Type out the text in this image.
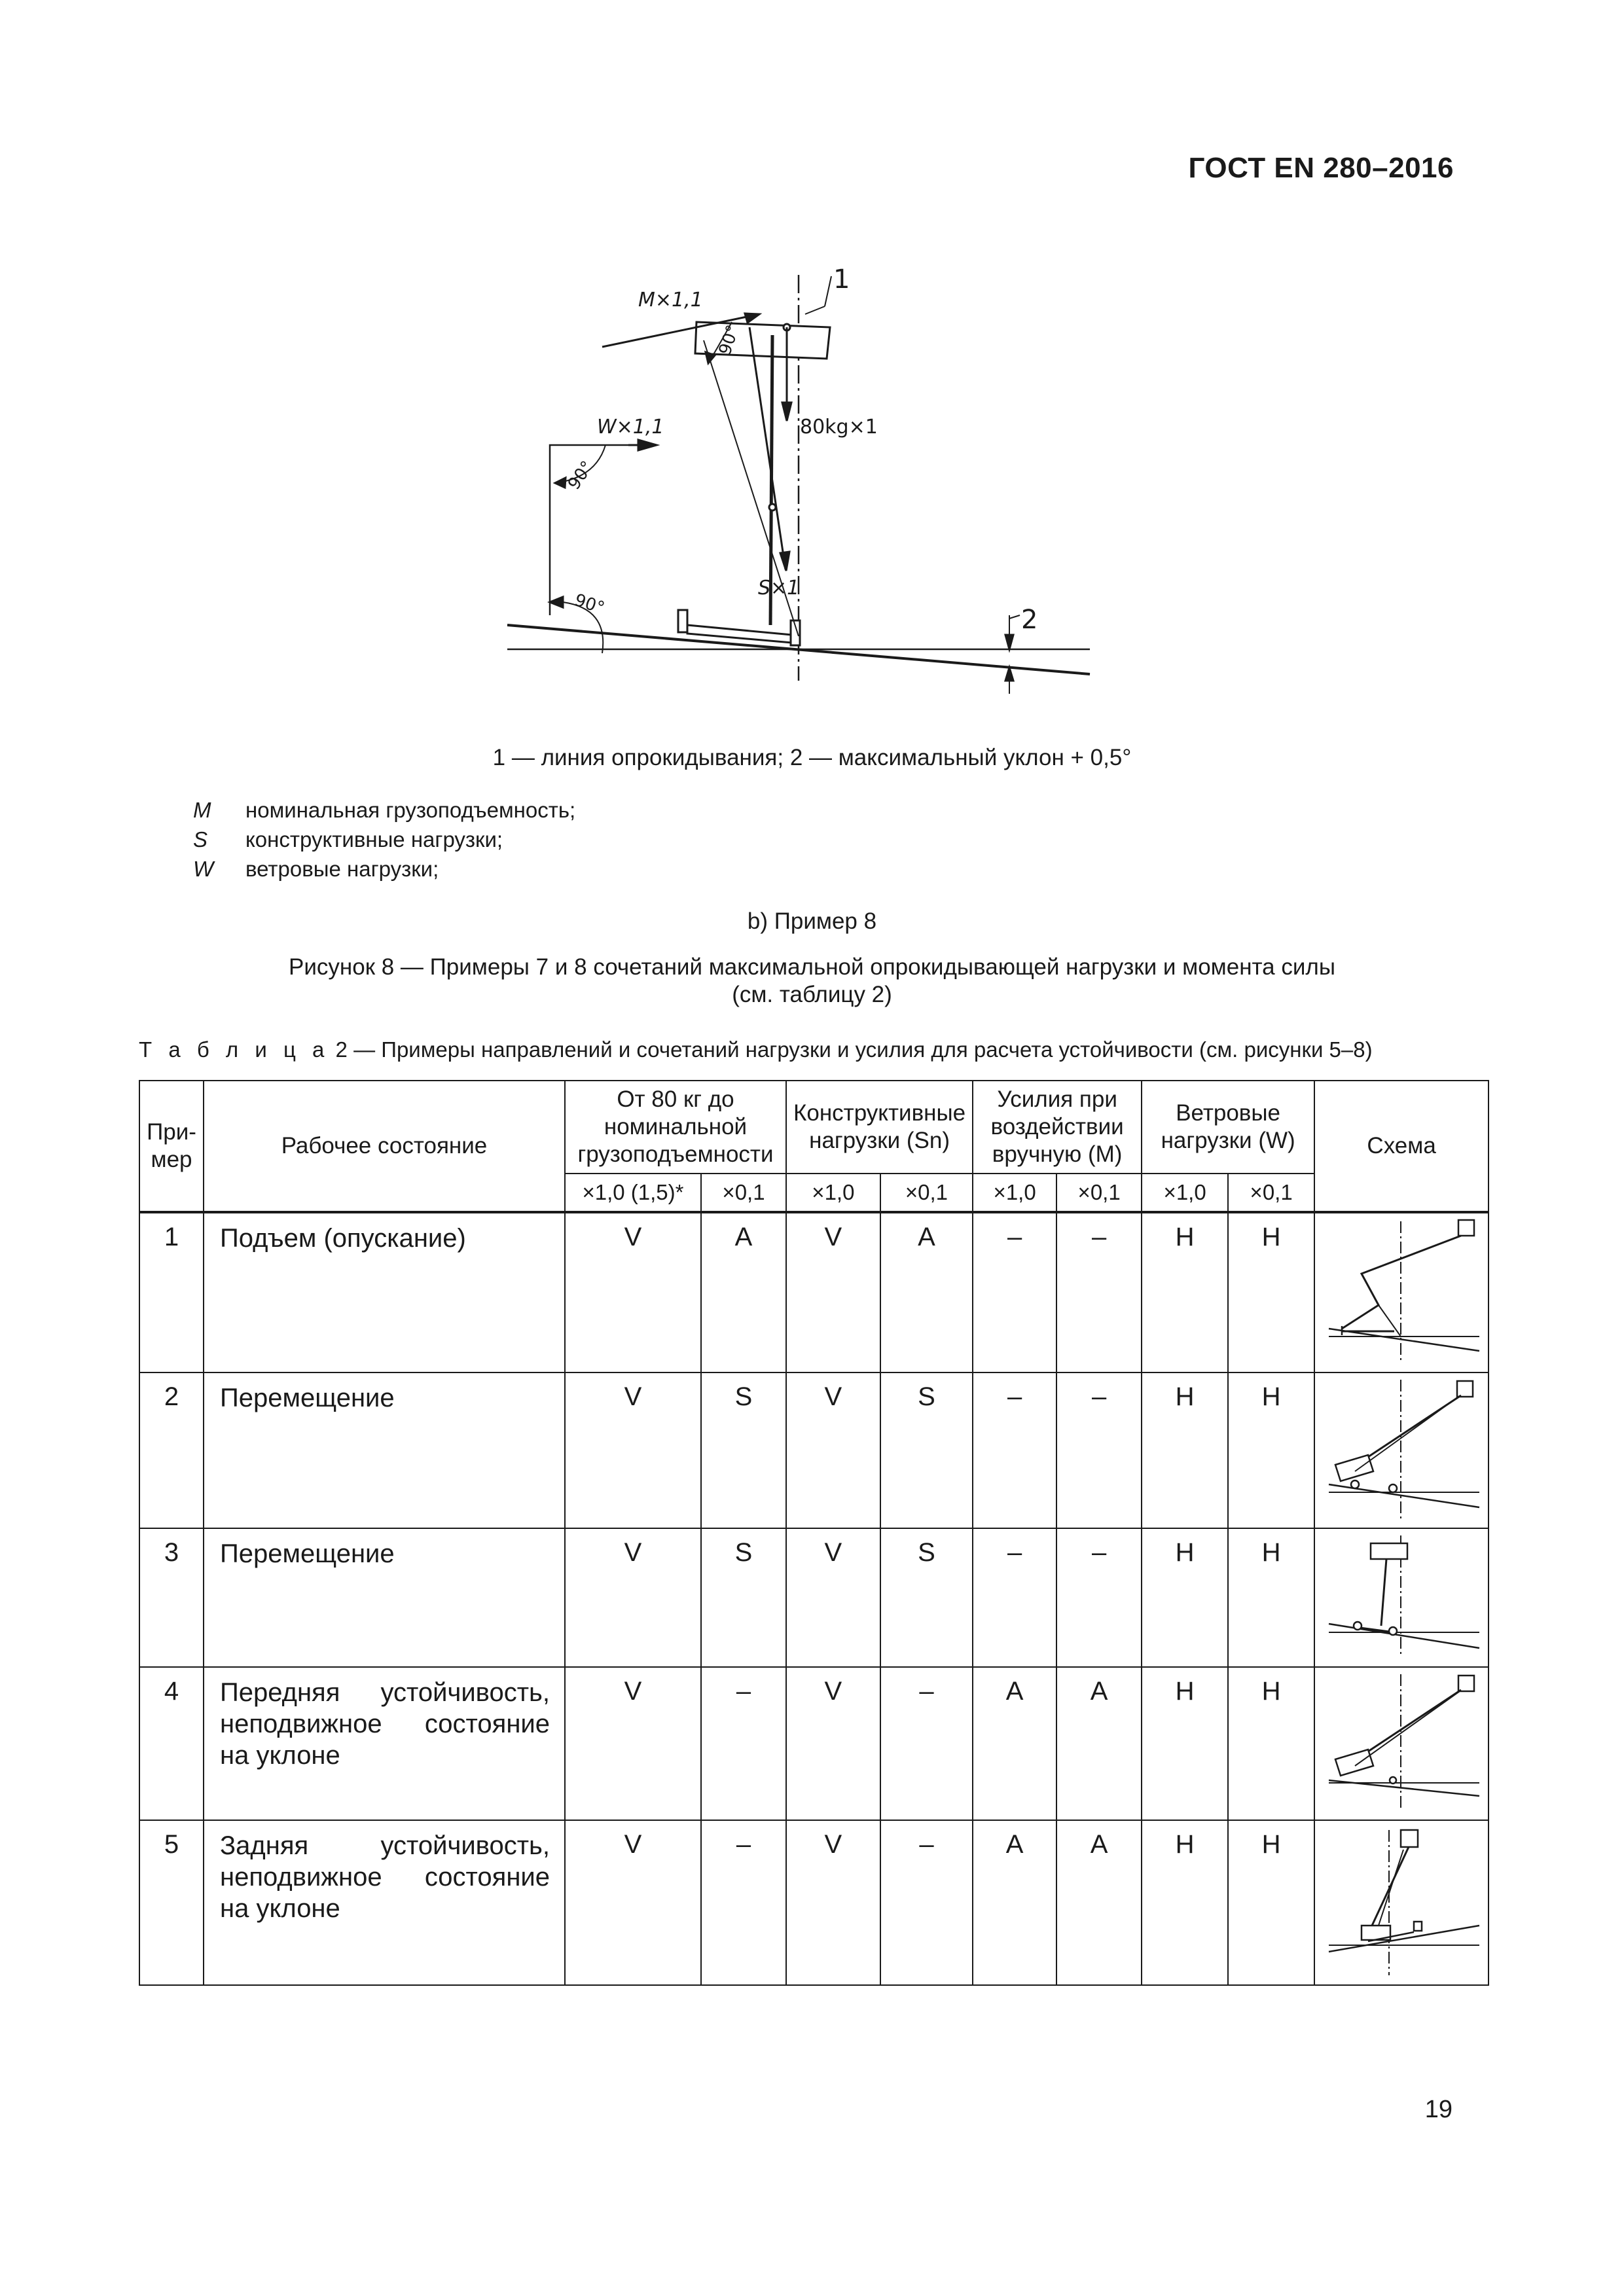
ГОСТ EN 280–2016
M×1,1
W×1,1	80kg×1
S×1
90°
90°
90°
1
2
1 — линия опрокидывания; 2 — максимальный уклон + 0,5°
M	номинальная грузоподъемность;
S	конструктивные нагрузки;
W	ветровые нагрузки;
b) Пример 8
Рисунок 8 — Примеры 7 и 8 сочетаний максимальной опрокидывающей нагрузки и момента силы
(см. таблицу 2)
Т а б л и ц а 2 — Примеры направлений и сочетаний нагрузки и усилия для расчета устойчивости (см. рисунки 5–8)
При-мер	Рабочее состояние	От 80 кг до номинальной грузоподъемности		Конструктивные нагрузки (Sn)		Усилия при воздействии вручную (M)		Ветровые нагрузки (W)		Схема
		×1,0 (1,5)*	×0,1	×1,0	×0,1	×1,0	×0,1	×1,0	×0,1	
1	Подъем (опускание)	V	A	V	A	–	–	H	H	
2	Перемещение	V	S	V	S	–	–	H	H	
3	Перемещение	V	S	V	S	–	–	H	H	
4	Передняя устойчивость, неподвижное состояние на уклоне	V	–	V	–	A	A	H	H	
5	Задняя устойчивость, неподвижное состояние на уклоне	V	–	V	–	A	A	H	H	
19
